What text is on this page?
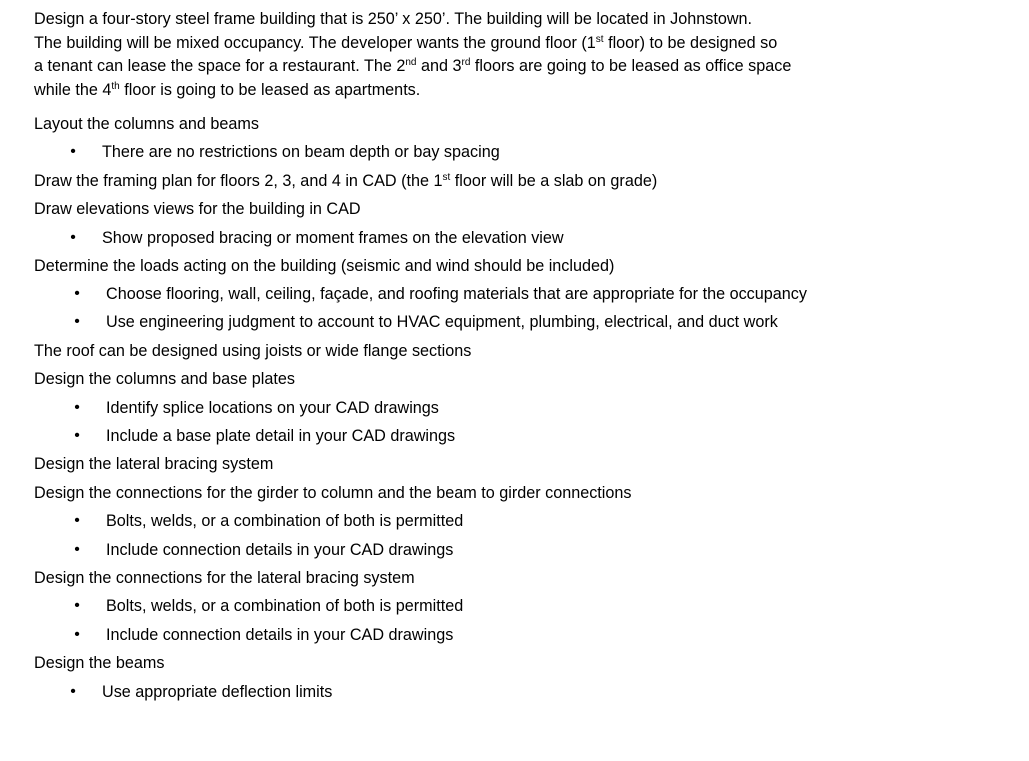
Design a four-story steel frame building that is 250’ x 250’. The building will be located in Johnstown.
The building will be mixed occupancy. The developer wants the ground floor (1st floor) to be designed so
a tenant can lease the space for a restaurant. The 2nd and 3rd floors are going to be leased as office space
while the 4th floor is going to be leased as apartments.
Layout the columns and beams
•	There are no restrictions on beam depth or bay spacing
Draw the framing plan for floors 2, 3, and 4 in CAD (the 1st floor will be a slab on grade)
Draw elevations views for the building in CAD
•	Show proposed bracing or moment frames on the elevation view
Determine the loads acting on the building (seismic and wind should be included)
•	Choose flooring, wall, ceiling, façade, and roofing materials that are appropriate for the occupancy
•	Use engineering judgment to account to HVAC equipment, plumbing, electrical, and duct work
The roof can be designed using joists or wide flange sections
Design the columns and base plates
•	Identify splice locations on your CAD drawings
•	Include a base plate detail in your CAD drawings
Design the lateral bracing system
Design the connections for the girder to column and the beam to girder connections
•	Bolts, welds, or a combination of both is permitted
•	Include connection details in your CAD drawings
Design the connections for the lateral bracing system
•	Bolts, welds, or a combination of both is permitted
•	Include connection details in your CAD drawings
Design the beams
•	Use appropriate deflection limits
